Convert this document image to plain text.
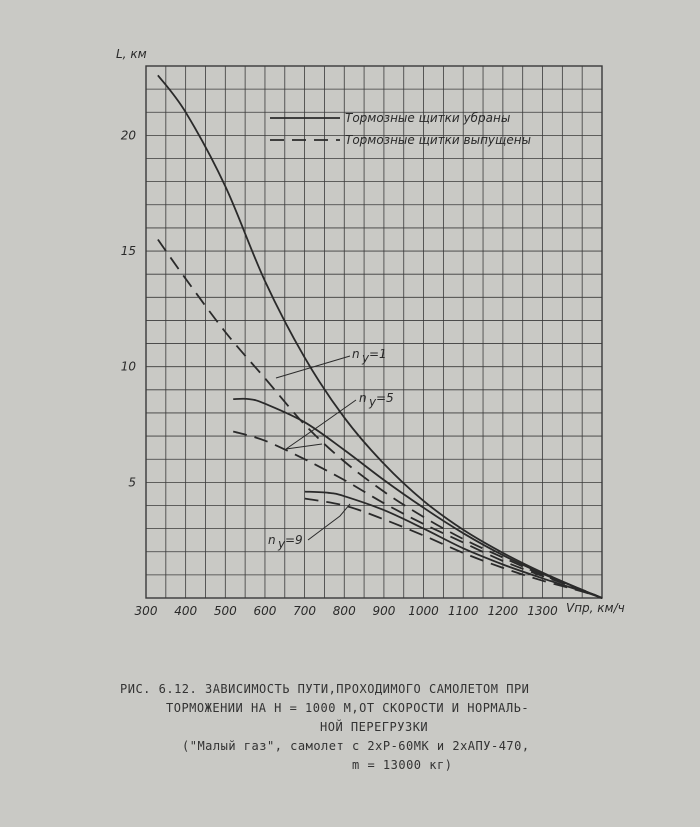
300 400 500 600 700 800 900 1000 1100 1200 1300
5
10
15
20
L, км
Vпр, км/ч
Тормозные щитки убраны
Тормозные щитки выпущены
n y =1
n y =5
n y =9
РИС. 6.12. ЗАВИСИМОСТЬ ПУТИ,ПРОХОДИМОГО САМОЛЕТОМ ПРИ
ТОРМОЖЕНИИ НА Н = 1000 М,ОТ СКОРОСТИ И НОРМАЛЬ-
НОЙ ПЕРЕГРУЗКИ
("Малый газ", самолет с 2хР-60МК и 2хАПУ-470,
m = 13000 кг)
